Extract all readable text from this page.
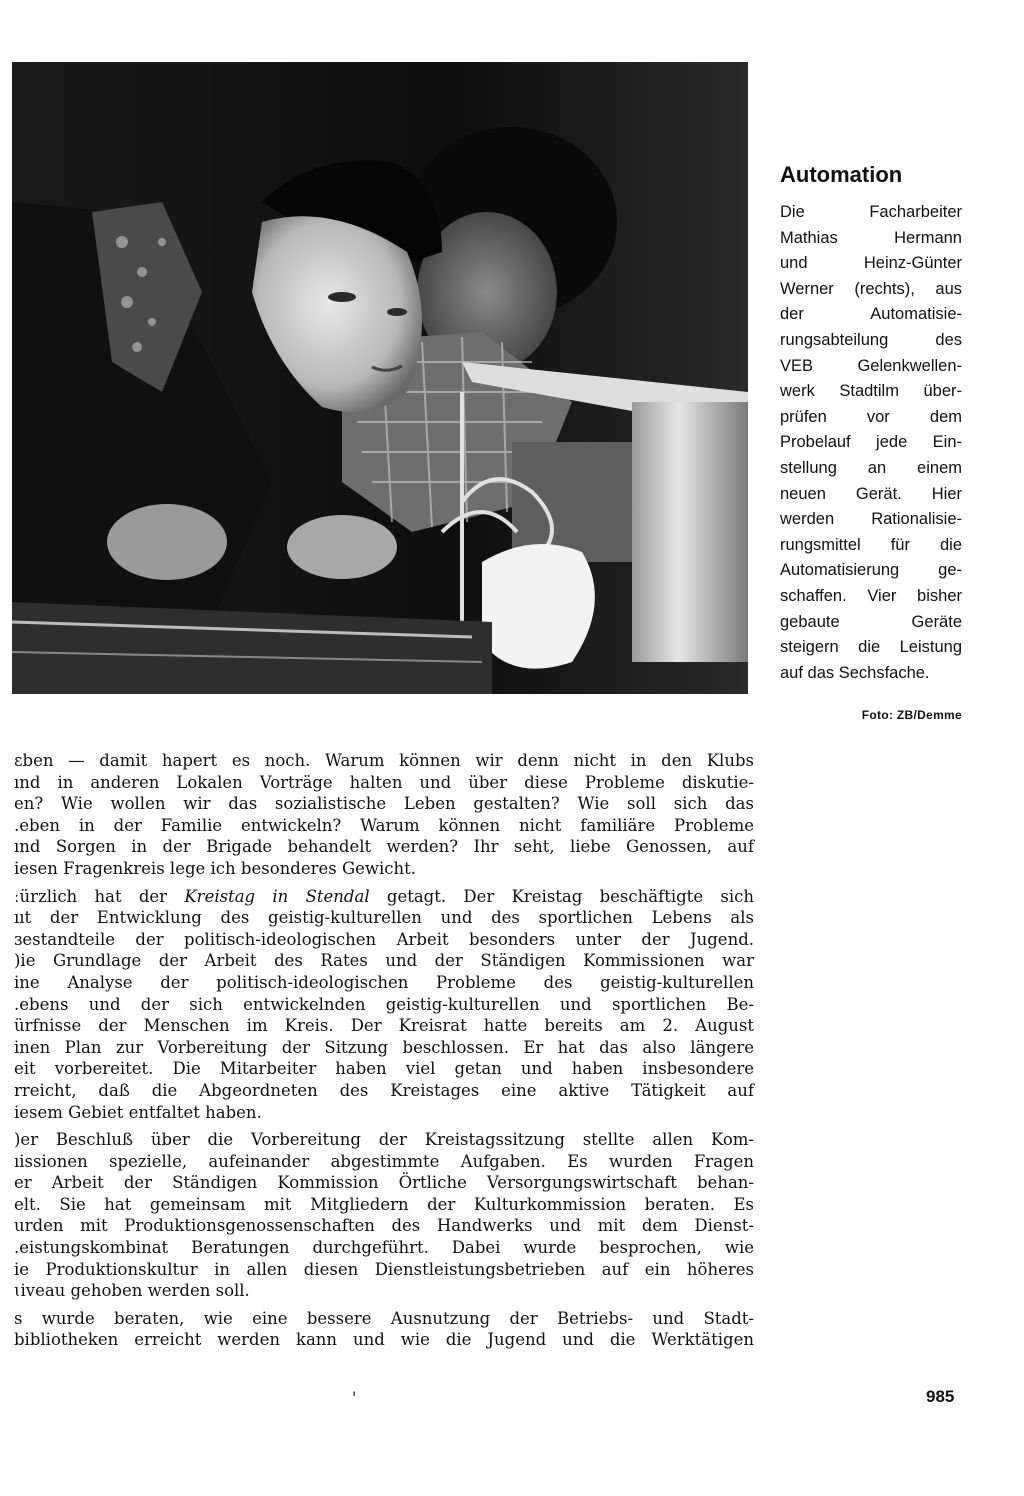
Automation

Die Facharbeiter
Mathias Hermann
und Heinz-Günter
Werner (rechts), aus
der Automatisie-
rungsabteilung des
VEB Gelenkwellen-
werk Stadtilm über-
prüfen vor dem
Probelauf jede Ein-
stellung an einem
neuen Gerät. Hier
werden Rationalisie-
rungsmittel für die
Automatisierung ge-
schaffen. Vier bisher
gebaute Geräte
steigern die Leistung
auf das Sechsfache.

Foto: ZB/Demme

ɛben — damit hapert es noch. Warum können wir denn nicht in den Klubs
ınd in anderen Lokalen Vorträge halten und über diese Probleme diskutie-
en? Wie wollen wir das sozialistische Leben gestalten? Wie soll sich das
.eben in der Familie entwickeln? Warum können nicht familiäre Probleme
ınd Sorgen in der Brigade behandelt werden? Ihr seht, liebe Genossen, auf
iesen Fragenkreis lege ich besonderes Gewicht.

ːürzlich hat der Kreistag in Stendal getagt. Der Kreistag beschäftigte sich
ııt der Entwicklung des geistig-kulturellen und des sportlichen Lebens als
ɜestandteile der politisch-ideologischen Arbeit besonders unter der Jugend.
)ie Grundlage der Arbeit des Rates und der Ständigen Kommissionen war
ine Analyse der politisch-ideologischen Probleme des geistig-kulturellen
.ebens und der sich entwickelnden geistig-kulturellen und sportlichen Be-
ürfnisse der Menschen im Kreis. Der Kreisrat hatte bereits am 2. August
inen Plan zur Vorbereitung der Sitzung beschlossen. Er hat das also längere
eit vorbereitet. Die Mitarbeiter haben viel getan und haben insbesondere
rreicht, daß die Abgeordneten des Kreistages eine aktive Tätigkeit auf
iesem Gebiet entfaltet haben.

)er Beschluß über die Vorbereitung der Kreistagssitzung stellte allen Kom-
ıissionen spezielle, aufeinander abgestimmte Aufgaben. Es wurden Fragen
er Arbeit der Ständigen Kommission Örtliche Versorgungswirtschaft behan-
elt. Sie hat gemeinsam mit Mitgliedern der Kulturkommission beraten. Es
urden mit Produktionsgenossenschaften des Handwerks und mit dem Dienst-
.eistungskombinat Beratungen durchgeführt. Dabei wurde besprochen, wie
ie Produktionskultur in allen diesen Dienstleistungsbetrieben auf ein höheres
ɩiveau gehoben werden soll.

s wurde beraten, wie eine bessere Ausnutzung der Betriebs- und Stadt-
bibliotheken erreicht werden kann und wie die Jugend und die Werktätigen

'	985
